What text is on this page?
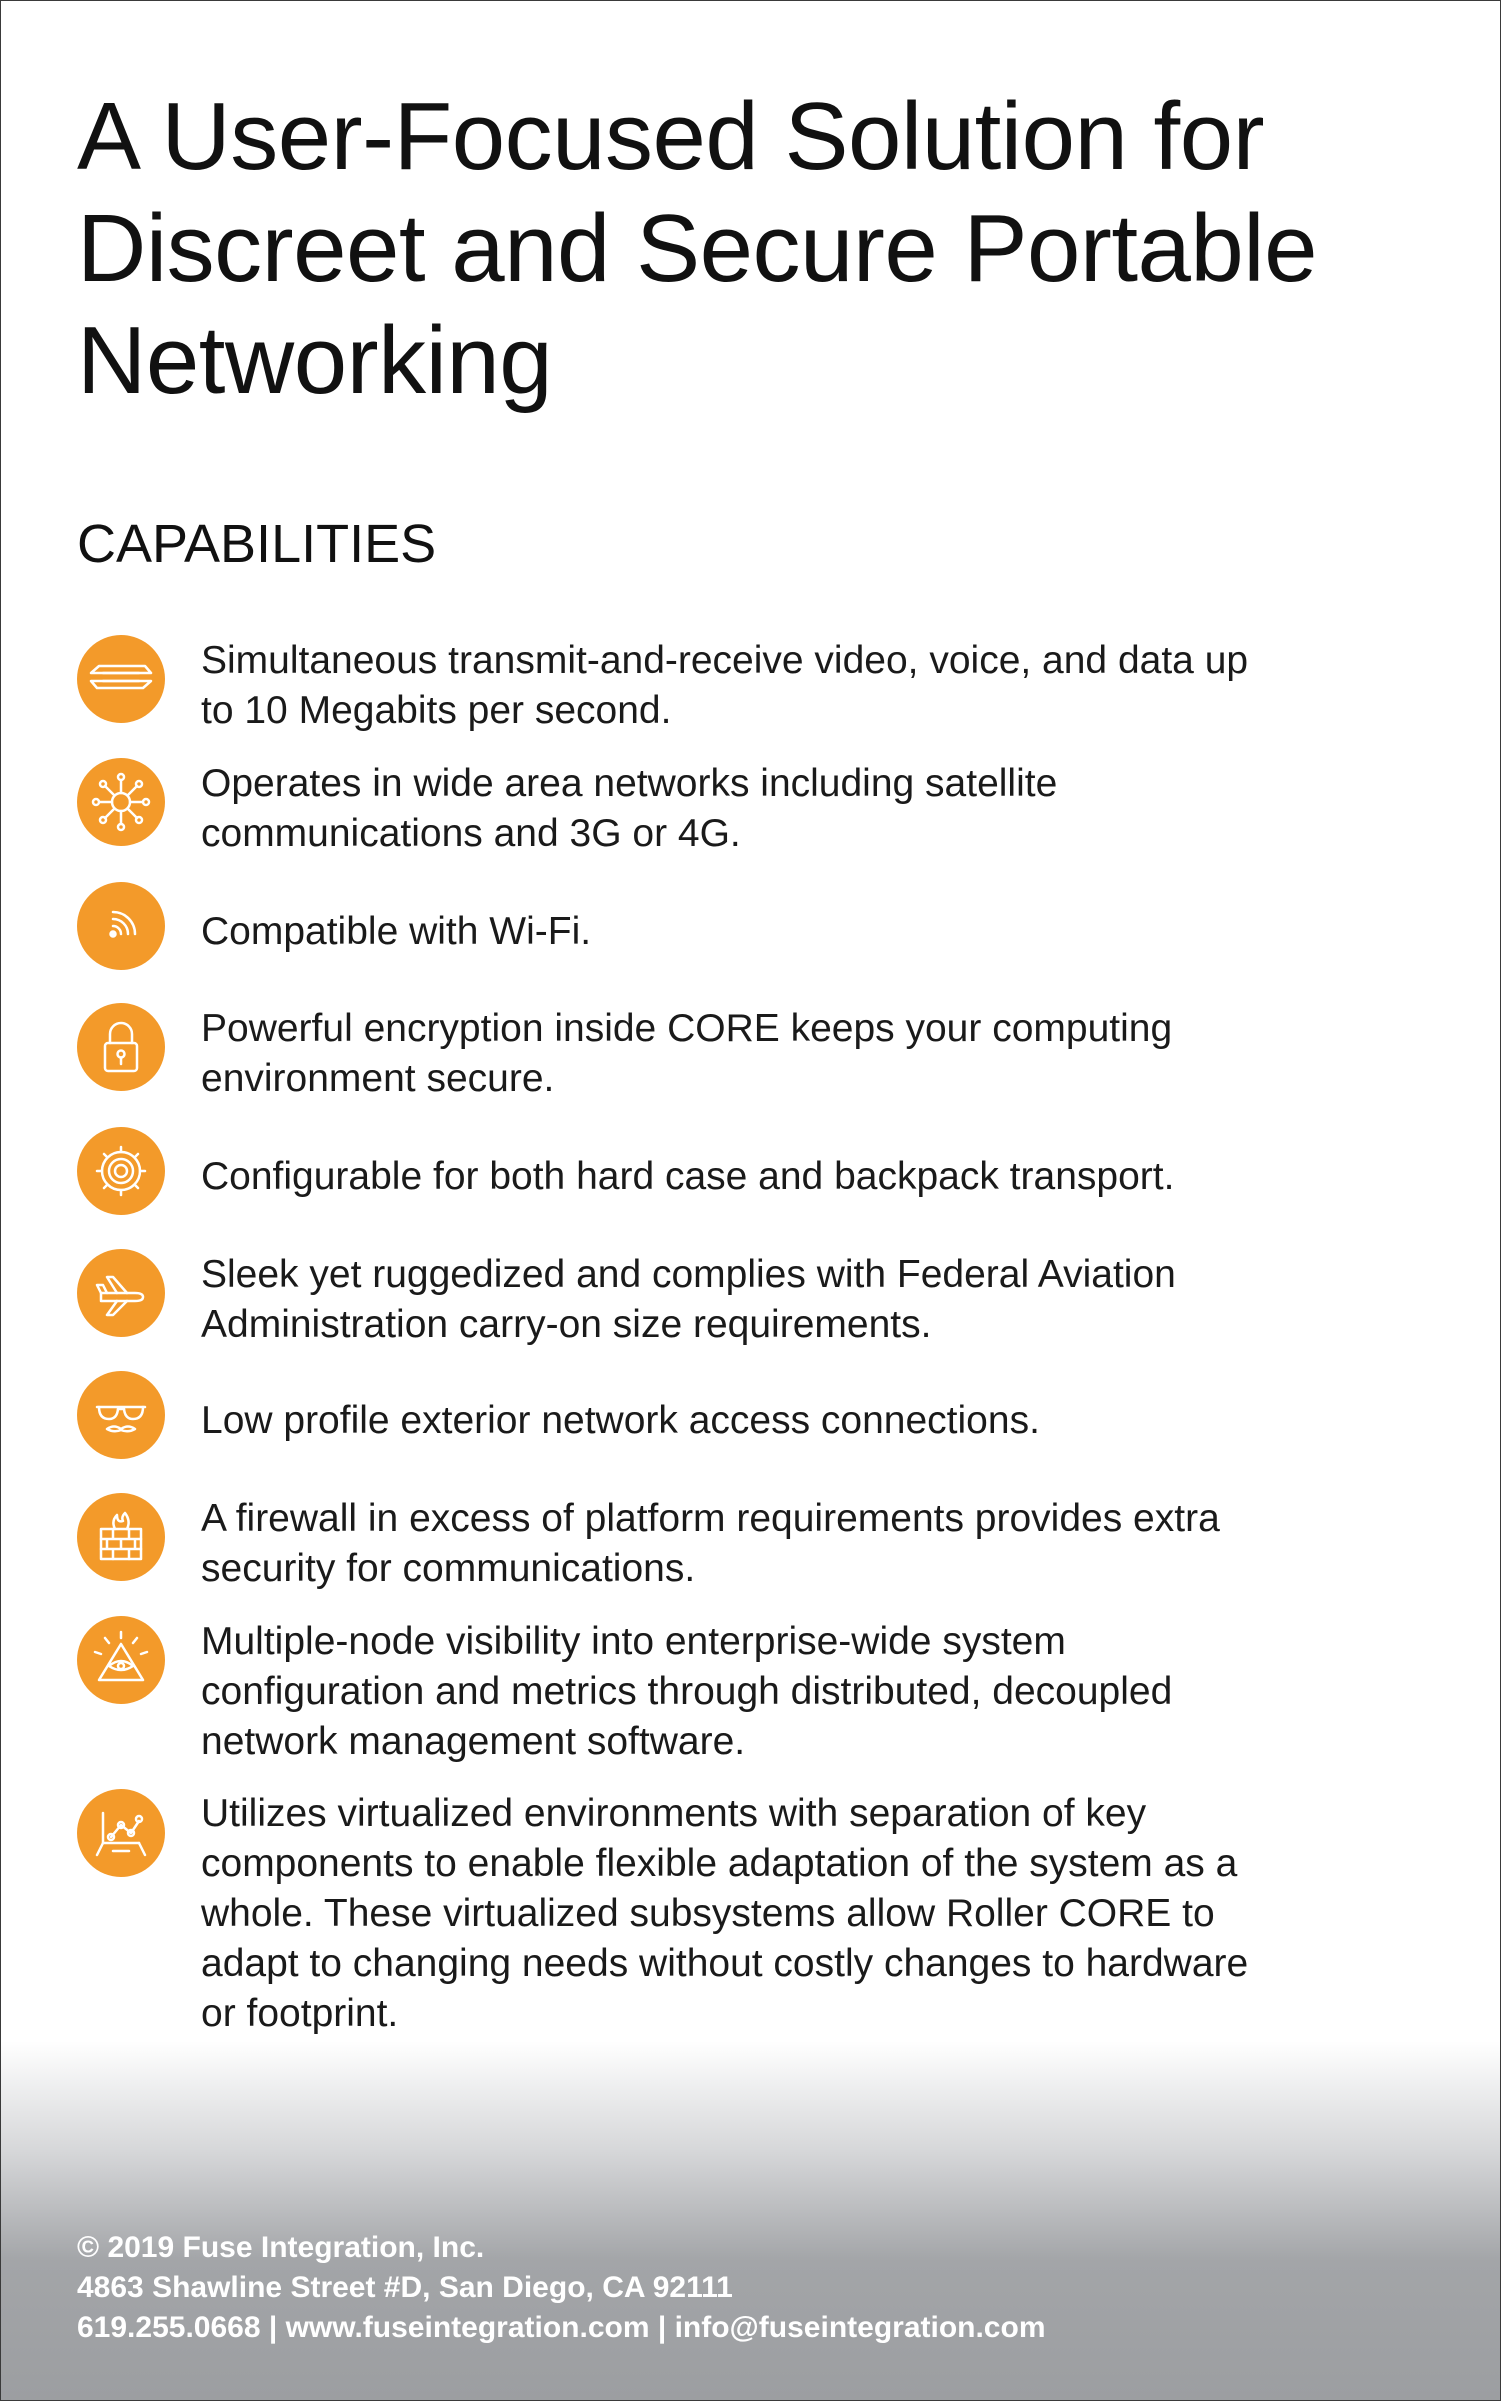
A User-Focused Solution for Discreet and Secure Portable Networking
CAPABILITIES
Simultaneous transmit-and-receive video, voice, and data up to 10 Megabits per second.
Operates in wide area networks including satellite communications and 3G or 4G.
Compatible with Wi-Fi.
Powerful encryption inside CORE keeps your computing environment secure.
Configurable for both hard case and backpack transport.
Sleek yet ruggedized and complies with Federal Aviation Administration carry-on size requirements.
Low profile exterior network access connections.
A firewall in excess of platform requirements provides extra security for communications.
Multiple-node visibility into enterprise-wide system configuration and metrics through distributed, decoupled network management software.
Utilizes virtualized environments with separation of key components to enable flexible adaptation of the system as a whole. These virtualized subsystems allow Roller CORE to adapt to changing needs without costly changes to hardware or footprint.
© 2019 Fuse Integration, Inc.
4863 Shawline Street #D, San Diego, CA 92111
619.255.0668 | www.fuseintegration.com | info@fuseintegration.com
